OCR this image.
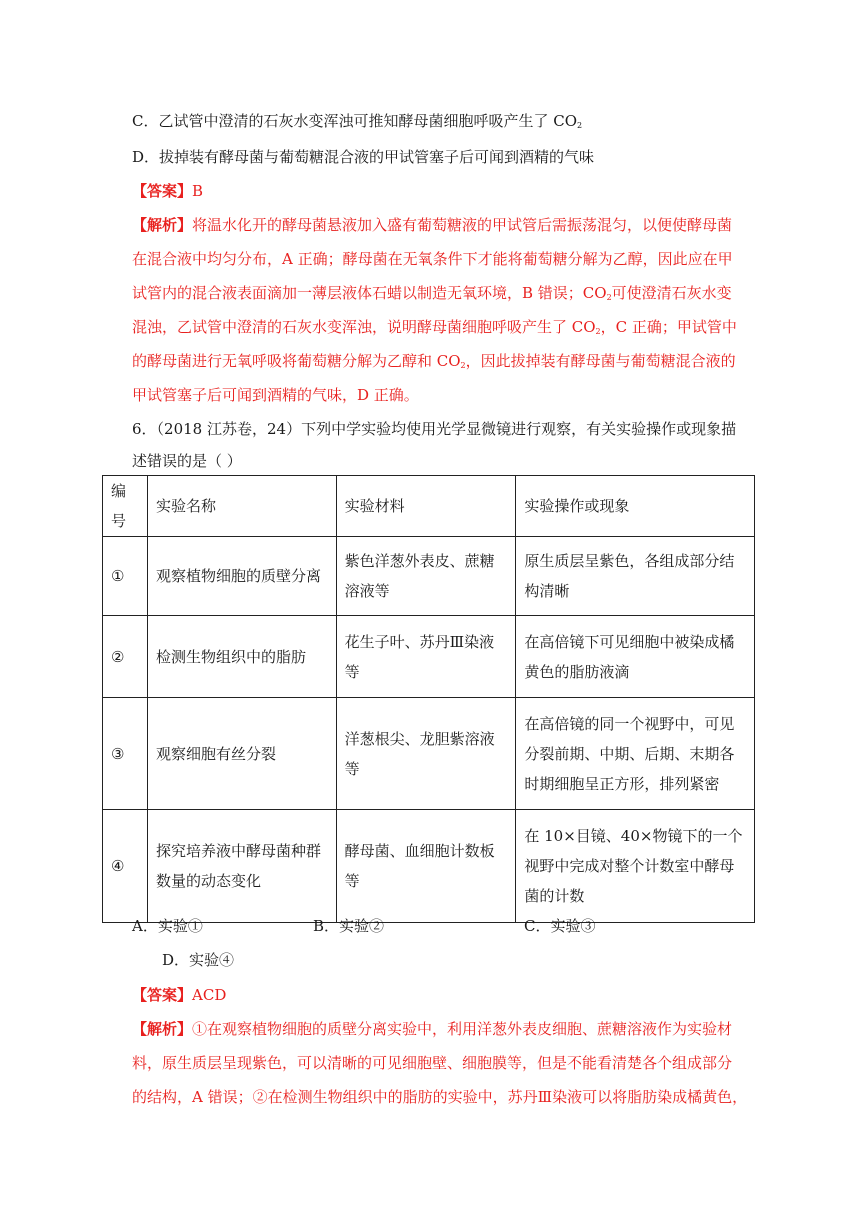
C．乙试管中澄清的石灰水变浑浊可推知酵母菌细胞呼吸产生了 $CO_2$
D．拔掉装有酵母菌与葡萄糖混合液的甲试管塞子后可闻到酒精的气味
【答案】B
【解析】将温水化开的酵母菌悬液加入盛有葡萄糖液的甲试管后需振荡混匀，以便使酵母菌
在混合液中均匀分布，A 正确；酵母菌在无氧条件下才能将葡萄糖分解为乙醇，因此应在甲
试管内的混合液表面滴加一薄层液体石蜡以制造无氧环境，B 错误；$CO_2$可使澄清石灰水变
混浊，乙试管中澄清的石灰水变浑浊，说明酵母菌细胞呼吸产生了 $CO_2$，C 正确；甲试管中
的酵母菌进行无氧呼吸将葡萄糖分解为乙醇和 $CO_2$，因此拔掉装有酵母菌与葡萄糖混合液的
甲试管塞子后可闻到酒精的气味，D 正确。
6．（2018 江苏卷，24）下列中学实验均使用光学显微镜进行观察，有关实验操作或现象描
述错误的是（ ）
编号	实验名称	实验材料	实验操作或现象
①	观察植物细胞的质壁分离	紫色洋葱外表皮、蔗糖溶液等	原生质层呈紫色，各组成部分结构清晰
②	检测生物组织中的脂肪	花生子叶、苏丹Ⅲ染液等	在高倍镜下可见细胞中被染成橘黄色的脂肪液滴
③	观察细胞有丝分裂	洋葱根尖、龙胆紫溶液等	在高倍镜的同一个视野中，可见分裂前期、中期、后期、末期各时期细胞呈正方形，排列紧密
④	探究培养液中酵母菌种群数量的动态变化	酵母菌、血细胞计数板等	在 10×目镜、40×物镜下的一个视野中完成对整个计数室中酵母菌的计数
A．实验①	B．实验②	C．实验③
D．实验④
【答案】ACD
【解析】①在观察植物细胞的质壁分离实验中，利用洋葱外表皮细胞、蔗糖溶液作为实验材
料，原生质层呈现紫色，可以清晰的可见细胞壁、细胞膜等，但是不能看清楚各个组成部分
的结构，A 错误；②在检测生物组织中的脂肪的实验中，苏丹Ⅲ染液可以将脂肪染成橘黄色，
